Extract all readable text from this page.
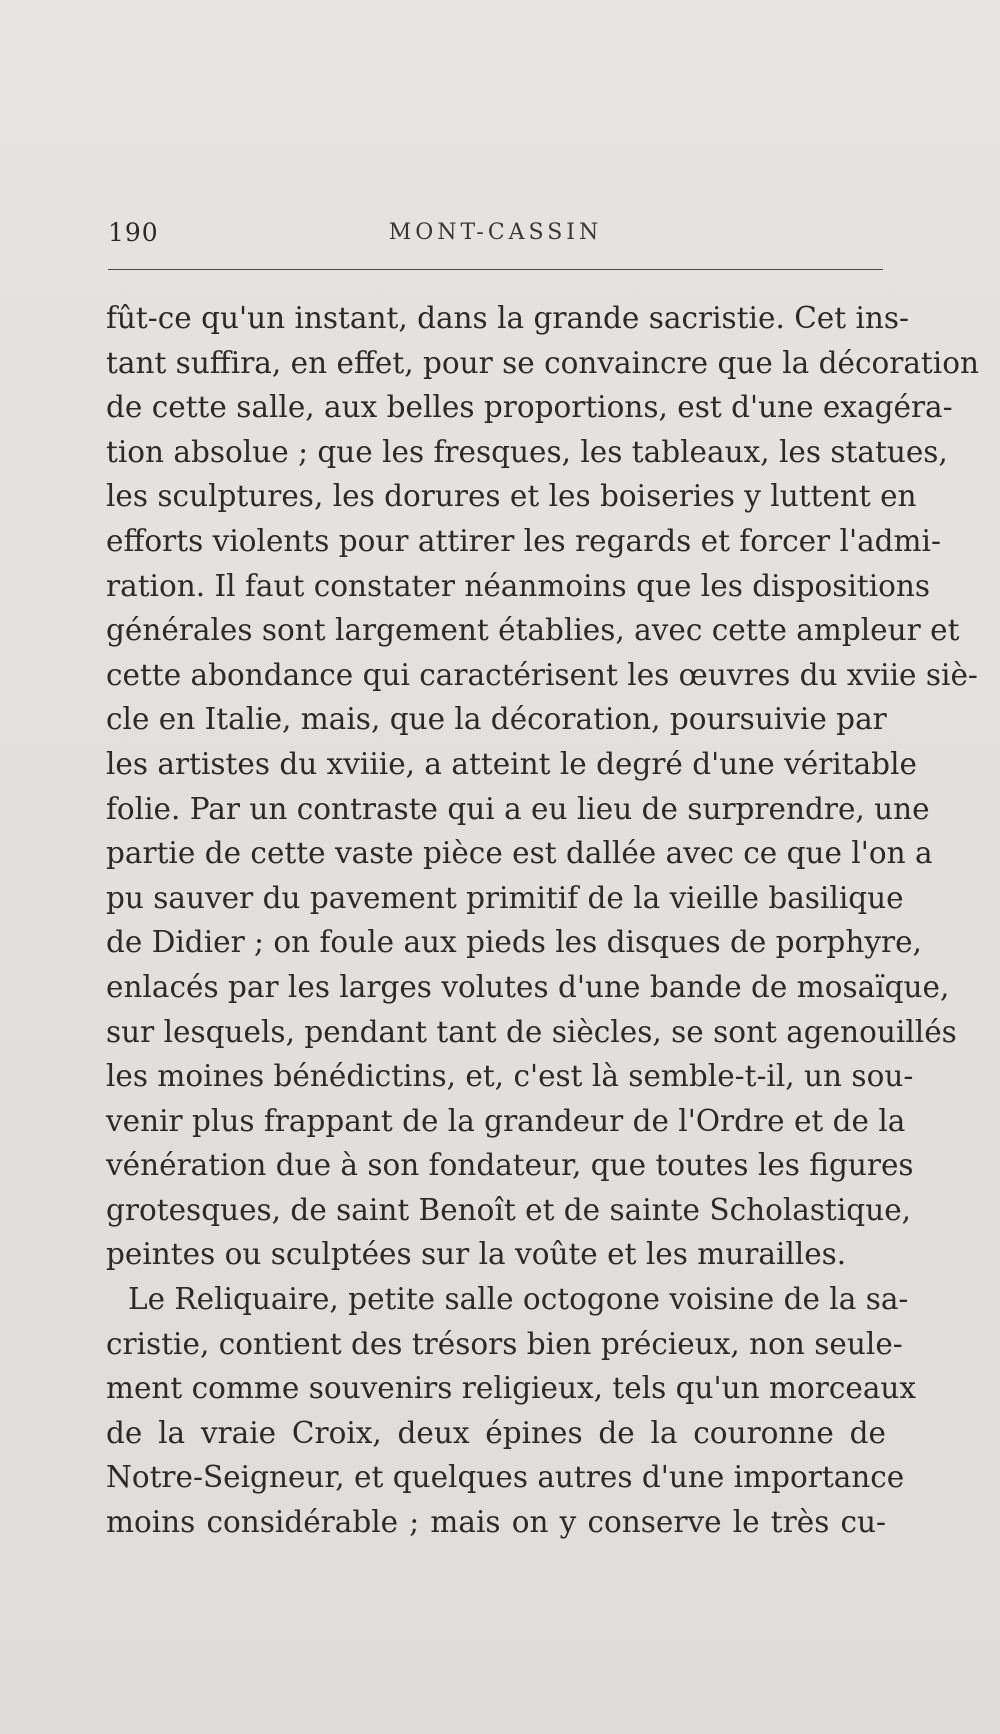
190	MONT-CASSIN
fût-ce qu'un instant, dans la grande sacristie. Cet ins-
tant suffira, en effet, pour se convaincre que la décoration
de cette salle, aux belles proportions, est d'une exagéra-
tion absolue ; que les fresques, les tableaux, les statues,
les sculptures, les dorures et les boiseries y luttent en
efforts violents pour attirer les regards et forcer l'admi-
ration. Il faut constater néanmoins que les dispositions
générales sont largement établies, avec cette ampleur et
cette abondance qui caractérisent les œuvres du xviie siè-
cle en Italie, mais, que la décoration, poursuivie par
les artistes du xviiie, a atteint le degré d'une véritable
folie. Par un contraste qui a eu lieu de surprendre, une
partie de cette vaste pièce est dallée avec ce que l'on a
pu sauver du pavement primitif de la vieille basilique
de Didier ; on foule aux pieds les disques de porphyre,
enlacés par les larges volutes d'une bande de mosaïque,
sur lesquels, pendant tant de siècles, se sont agenouillés
les moines bénédictins, et, c'est là semble-t-il, un sou-
venir plus frappant de la grandeur de l'Ordre et de la
vénération due à son fondateur, que toutes les figures
grotesques, de saint Benoît et de sainte Scholastique,
peintes ou sculptées sur la voûte et les murailles.
Le Reliquaire, petite salle octogone voisine de la sa-
cristie, contient des trésors bien précieux, non seule-
ment comme souvenirs religieux, tels qu'un morceaux
de la vraie Croix, deux épines de la couronne de
Notre-Seigneur, et quelques autres d'une importance
moins considérable ; mais on y conserve le très cu-
